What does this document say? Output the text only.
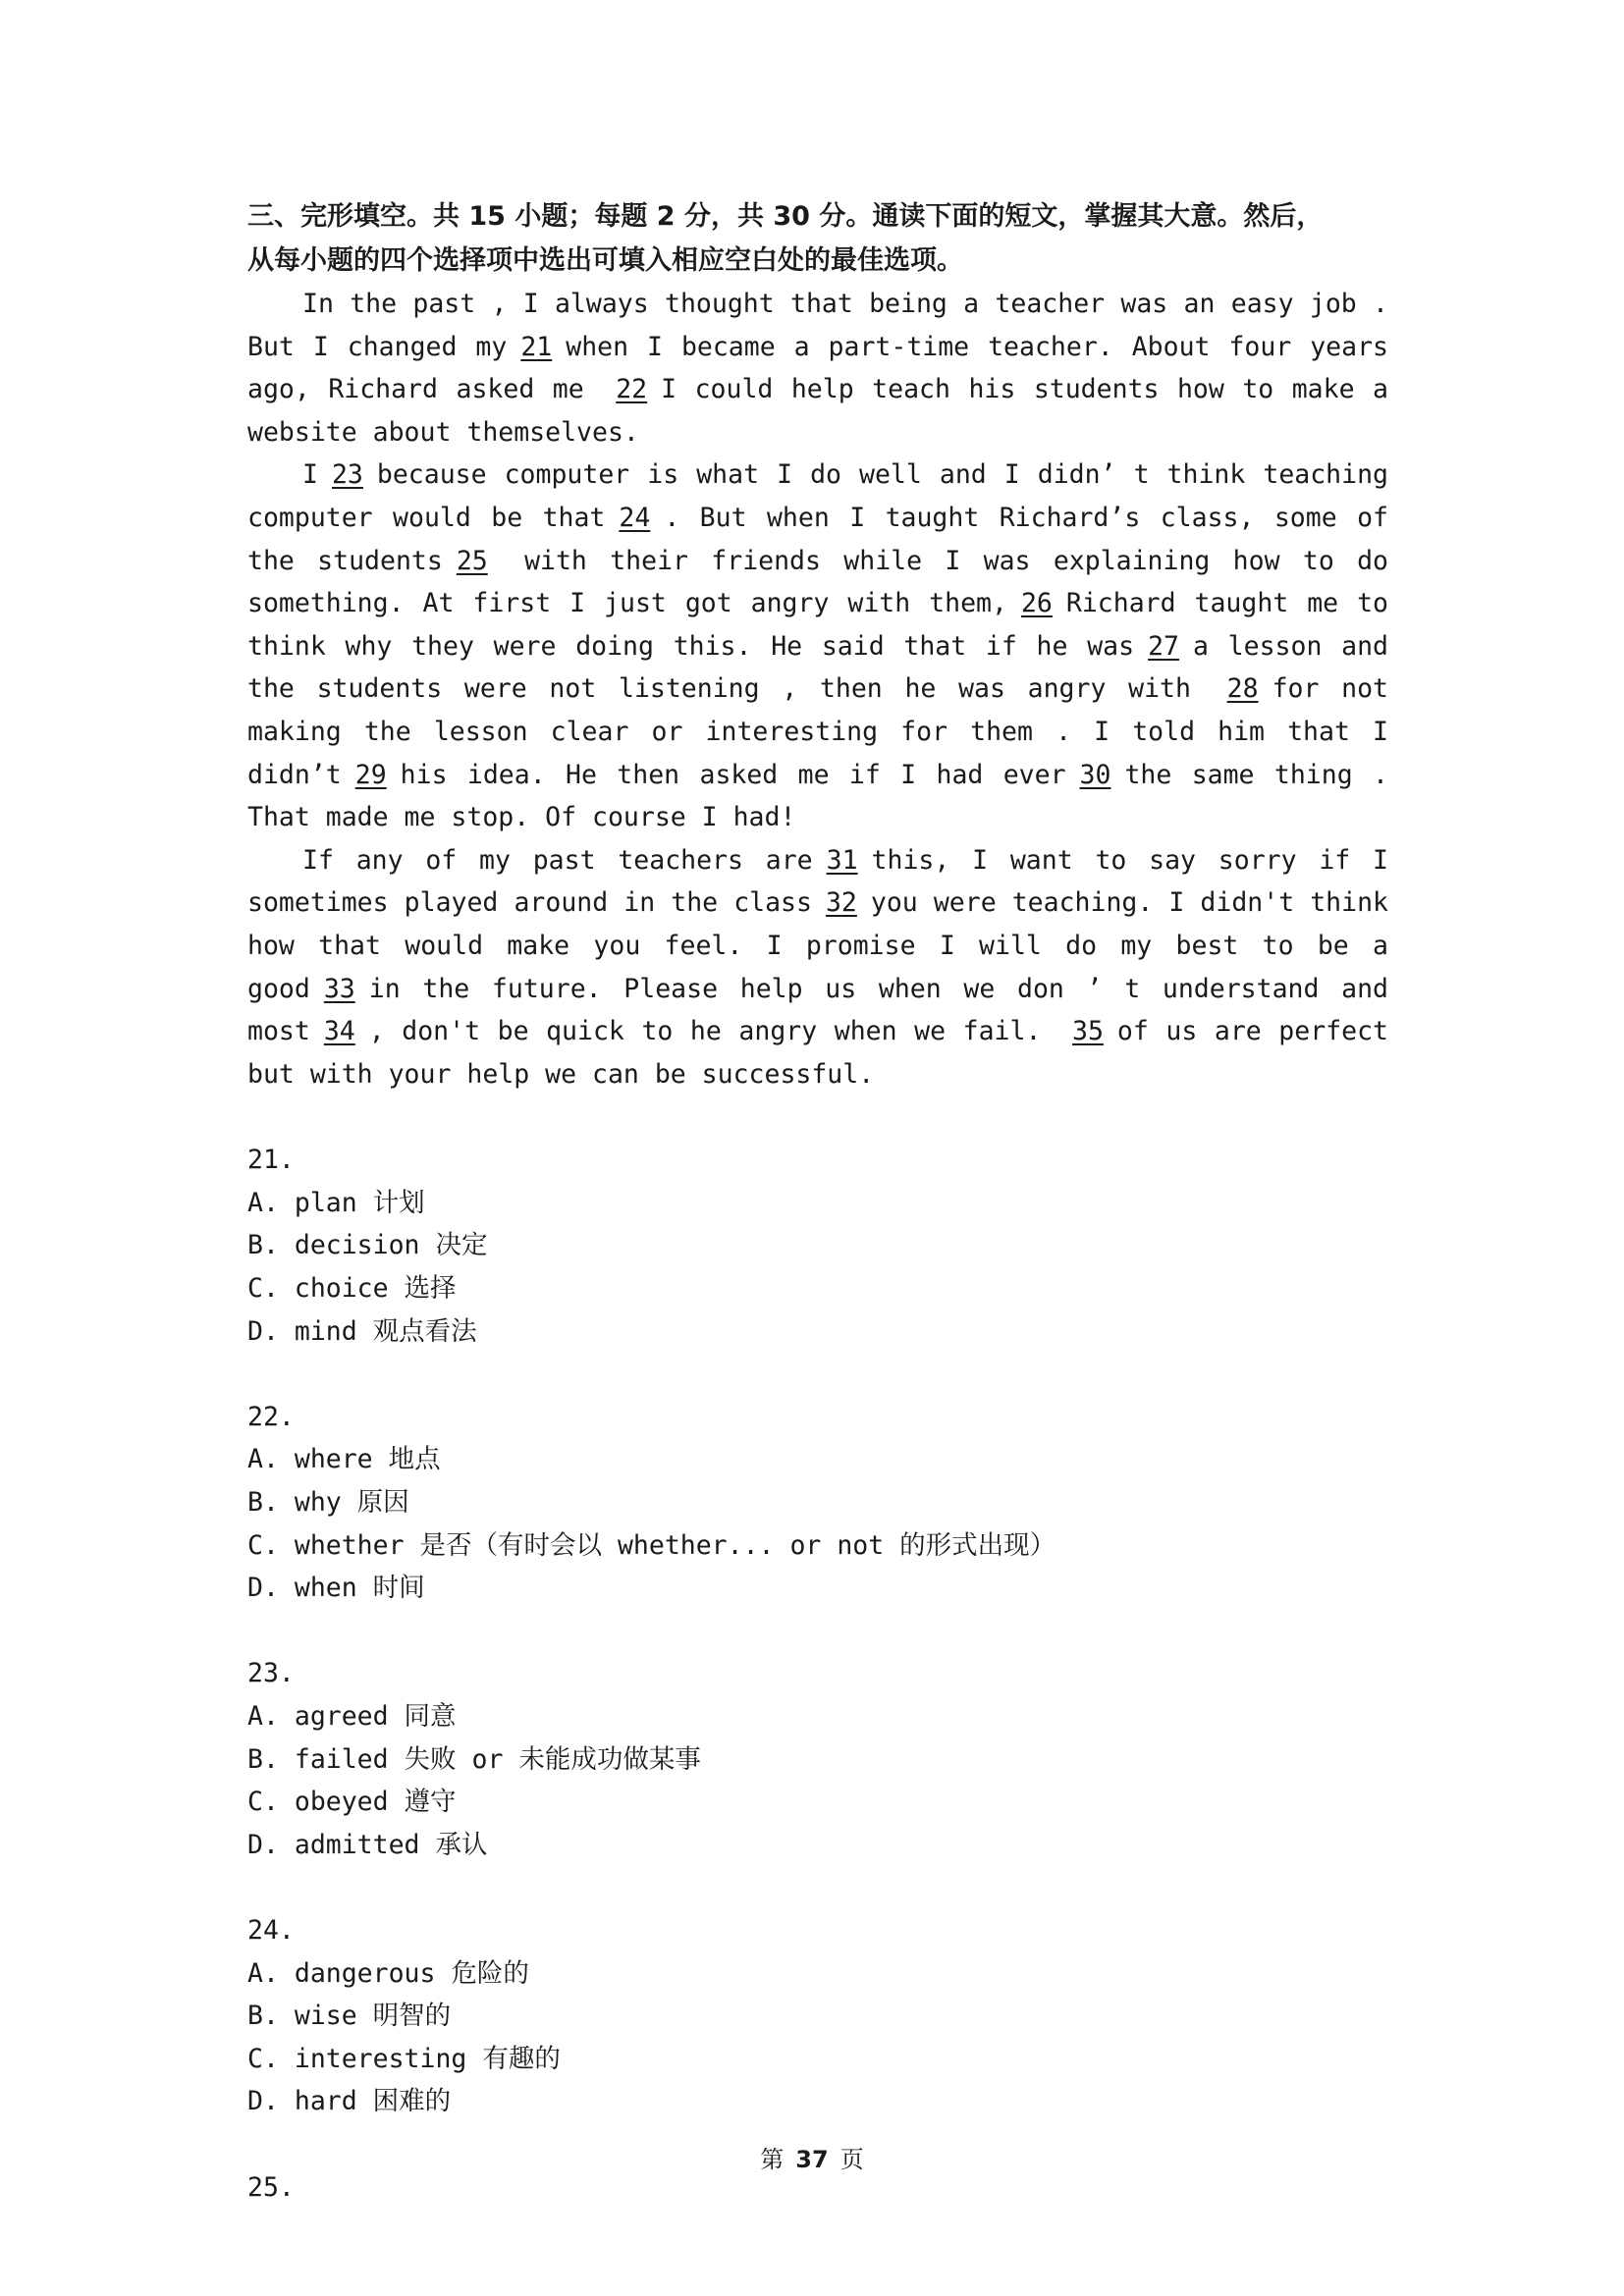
三、完形填空。共 15 小题；每题 2 分，共 30 分。通读下面的短文，掌握其大意。然后，
从每小题的四个选择项中选出可填入相应空白处的最佳选项。

In the past , I always thought that being a teacher was an easy job . But I changed my 21 when I became a part-time teacher. About four years ago, Richard asked me 22 I could help teach his students how to make a website about themselves.

I 23 because computer is what I do well and I didn’ t think teaching computer would be that 24 . But when I taught Richard’s class, some of the students 25 with their friends while I was explaining how to do something. At first I just got angry with them, 26 Richard taught me to think why they were doing this. He said that if he was 27 a lesson and the students were not listening , then he was angry with 28 for not making the lesson clear or interesting for them . I told him that I didn’t 29 his idea. He then asked me if I had ever 30 the same thing . That made me stop. Of course I had!

If any of my past teachers are 31 this, I want to say sorry if I sometimes played around in the class 32 you were teaching. I didn't think how that would make you feel. I promise I will do my best to be a good 33 in the future. Please help us when we don ’ t understand and most 34 , don't be quick to he angry when we fail. 35 of us are perfect but with your help we can be successful.

21.
A. plan 计划
B. decision 决定
C. choice 选择
D. mind 观点看法
22.
A. where 地点
B. why 原因
C. whether 是否（有时会以 whether... or not 的形式出现）
D. when 时间
23.
A. agreed 同意
B. failed 失败 or 未能成功做某事
C. obeyed 遵守
D. admitted 承认
24.
A. dangerous 危险的
B. wise 明智的
C. interesting 有趣的
D. hard 困难的
25.
第 37 页
